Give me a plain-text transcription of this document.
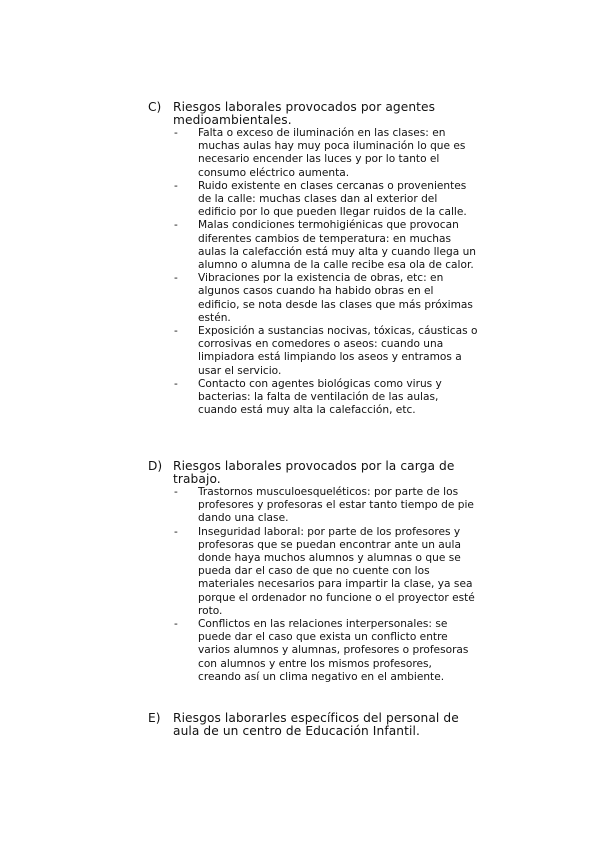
C) Riesgos laborales provocados por agentes medioambientales.
-	Falta o exceso de iluminación en las clases: en muchas aulas hay muy poca iluminación lo que es necesario encender las luces y por lo tanto el consumo eléctrico aumenta.
-	Ruido existente en clases cercanas o provenientes de la calle: muchas clases dan al exterior del edificio por lo que pueden llegar ruidos de la calle.
-	Malas condiciones termohigiénicas que provocan diferentes cambios de temperatura: en muchas aulas la calefacción está muy alta y cuando llega un alumno o alumna de la calle recibe esa ola de calor.
-	Vibraciones por la existencia de obras, etc: en algunos casos cuando ha habido obras en el edificio, se nota desde las clases que más próximas estén.
-	Exposición a sustancias nocivas, tóxicas, cáusticas o corrosivas en comedores o aseos: cuando una limpiadora está limpiando los aseos y entramos a usar el servicio.
-	Contacto con agentes biológicas como virus y bacterias: la falta de ventilación de las aulas, cuando está muy alta la calefacción, etc.
D) Riesgos laborales provocados por la carga de trabajo.
-	Trastornos musculoesqueléticos: por parte de los profesores y profesoras el estar tanto tiempo de pie dando una clase.
-	Inseguridad laboral: por parte de los profesores y profesoras que se puedan encontrar ante un aula donde haya muchos alumnos y alumnas o que se pueda dar el caso de que no cuente con los materiales necesarios para impartir la clase, ya sea porque el ordenador no funcione o el proyector esté roto.
-	Conflictos en las relaciones interpersonales: se puede dar el caso que exista un conflicto entre varios alumnos y alumnas, profesores o profesoras con alumnos y entre los mismos profesores, creando así un clima negativo en el ambiente.
E)	Riesgos laborarles específicos del personal de aula de un centro de Educación Infantil.
